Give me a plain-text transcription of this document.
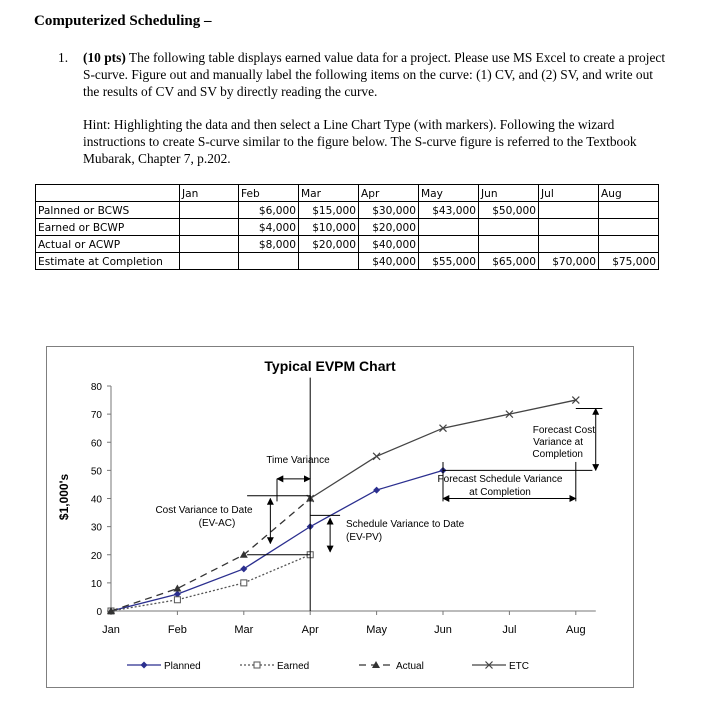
Computerized Scheduling –
1. (10 pts) The following table displays earned value data for a project. Please use MS Excel to create a project S-curve. Figure out and manually label the following items on the curve: (1) CV, and (2) SV, and write out the results of CV and SV by directly reading the curve.
Hint: Highlighting the data and then select a Line Chart Type (with markers). Following the wizard instructions to create S-curve similar to the figure below. The S-curve figure is referred to the Textbook Mubarak, Chapter 7, p.202.
	Jan	Feb	Mar	Apr	May	Jun	Jul	Aug
Palnned or BCWS		$6,000	$15,000	$30,000	$43,000	$50,000		
Earned or BCWP		$4,000	$10,000	$20,000				
Actual or ACWP		$8,000	$20,000	$40,000				
Estimate at Completion				$40,000	$55,000	$65,000	$70,000	$75,000
Typical EVPM Chart
$1,000's
0
10
20
30
40
50
60
70
80
Jan	Feb	Mar	Apr	May	Jun	Jul	Aug
Time Variance
Cost Variance to Date
(EV-AC)	Schedule Variance to Date
(EV-PV)
Forecast Schedule Variance
at Completion
Forecast Cost
Variance at
Completion
Planned	Earned	Actual	ETC
